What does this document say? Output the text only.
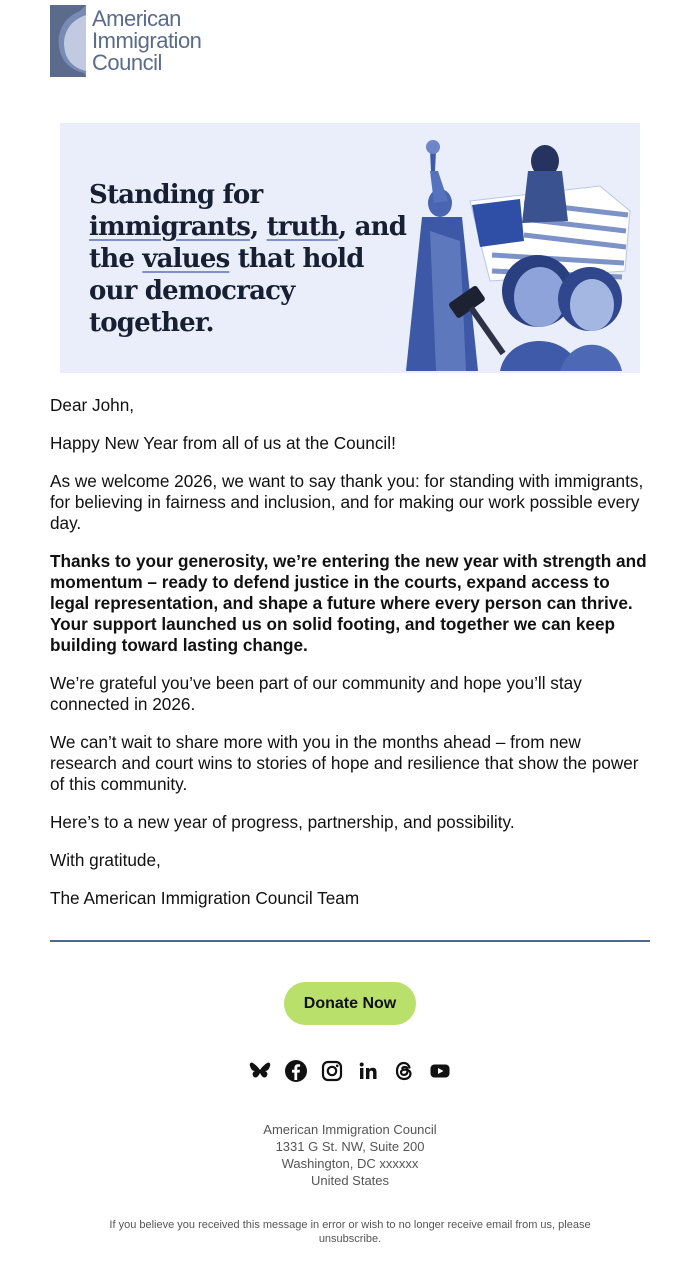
American
Immigration
Council
Standing for
immigrants, truth, and the values that hold our democracy together.

Dear John,

Happy New Year from all of us at the Council!

As we welcome 2026, we want to say thank you: for standing with immigrants, for believing in fairness and inclusion, and for making our work possible every day.

Thanks to your generosity, we’re entering the new year with strength and momentum – ready to defend justice in the courts, expand access to legal representation, and shape a future where every person can thrive. Your support launched us on solid footing, and together we can keep building toward lasting change.

We’re grateful you’ve been part of our community and hope you’ll stay connected in 2026.

We can’t wait to share more with you in the months ahead – from new research and court wins to stories of hope and resilience that show the power of this community.

Here’s to a new year of progress, partnership, and possibility.

With gratitude,

The American Immigration Council Team

Donate Now
American Immigration Council
1331 G St. NW, Suite 200
Washington, DC xxxxxx
United States
If you believe you received this message in error or wish to no longer receive email from us, please unsubscribe.
